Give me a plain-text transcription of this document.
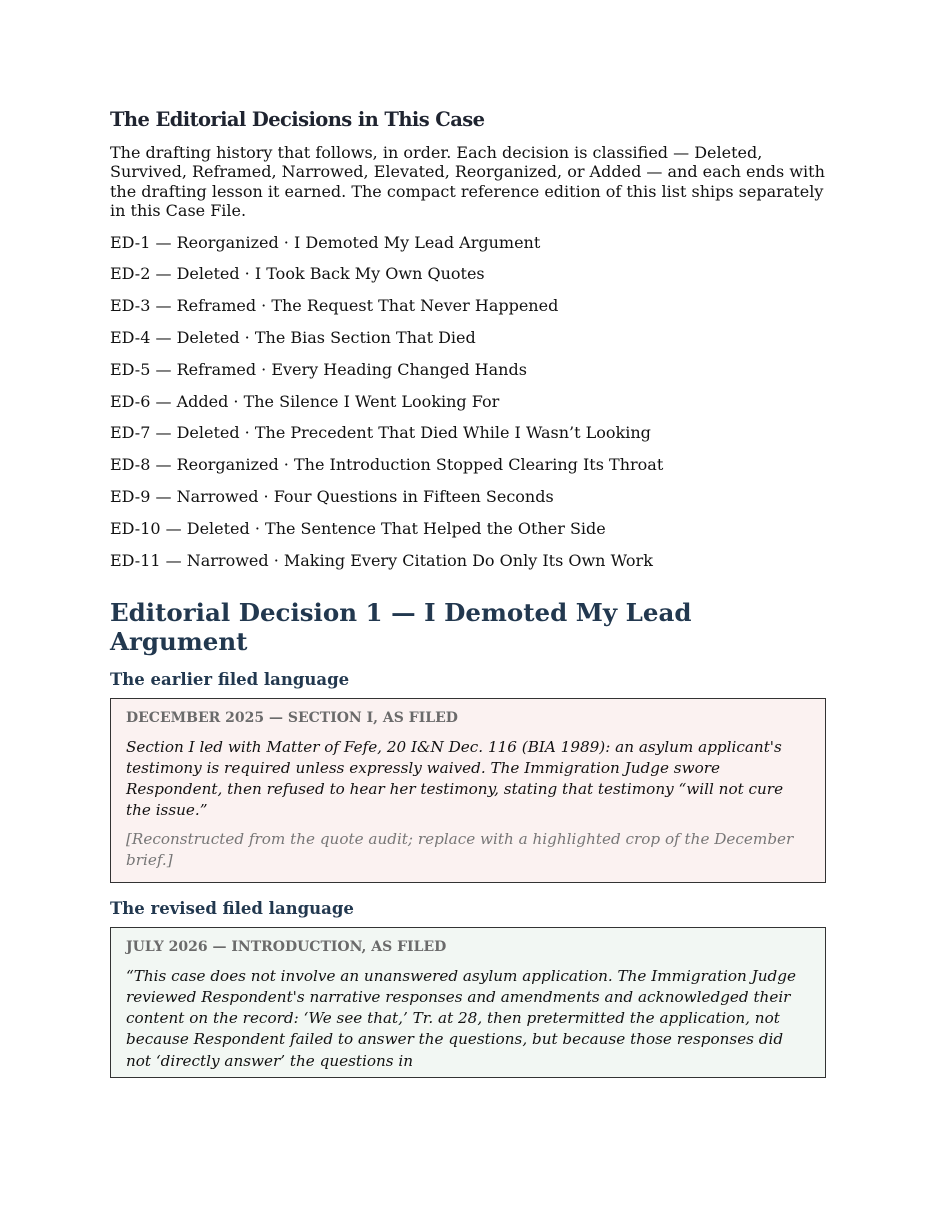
The Editorial Decisions in This Case

The drafting history that follows, in order. Each decision is classified — Deleted, Survived, Reframed, Narrowed, Elevated, Reorganized, or Added — and each ends with the drafting lesson it earned. The compact reference edition of this list ships separately in this Case File.

ED-1 — Reorganized · I Demoted My Lead Argument
ED-2 — Deleted · I Took Back My Own Quotes
ED-3 — Reframed · The Request That Never Happened
ED-4 — Deleted · The Bias Section That Died
ED-5 — Reframed · Every Heading Changed Hands
ED-6 — Added · The Silence I Went Looking For
ED-7 — Deleted · The Precedent That Died While I Wasn’t Looking
ED-8 — Reorganized · The Introduction Stopped Clearing Its Throat
ED-9 — Narrowed · Four Questions in Fifteen Seconds
ED-10 — Deleted · The Sentence That Helped the Other Side
ED-11 — Narrowed · Making Every Citation Do Only Its Own Work
Editorial Decision 1 — I Demoted My Lead Argument
The earlier filed language
DECEMBER 2025 — SECTION I, AS FILED

Section I led with Matter of Fefe, 20 I&N Dec. 116 (BIA 1989): an asylum applicant's testimony is required unless expressly waived. The Immigration Judge swore Respondent, then refused to hear her testimony, stating that testimony “will not cure the issue.”

[Reconstructed from the quote audit; replace with a highlighted crop of the December brief.]

The revised filed language
JULY 2026 — INTRODUCTION, AS FILED

“This case does not involve an unanswered asylum application. The Immigration Judge reviewed Respondent's narrative responses and amendments and acknowledged their content on the record: ‘We see that,’ Tr. at 28, then pretermitted the application, not because Respondent failed to answer the questions, but because those responses did not ‘directly answer’ the questions in
